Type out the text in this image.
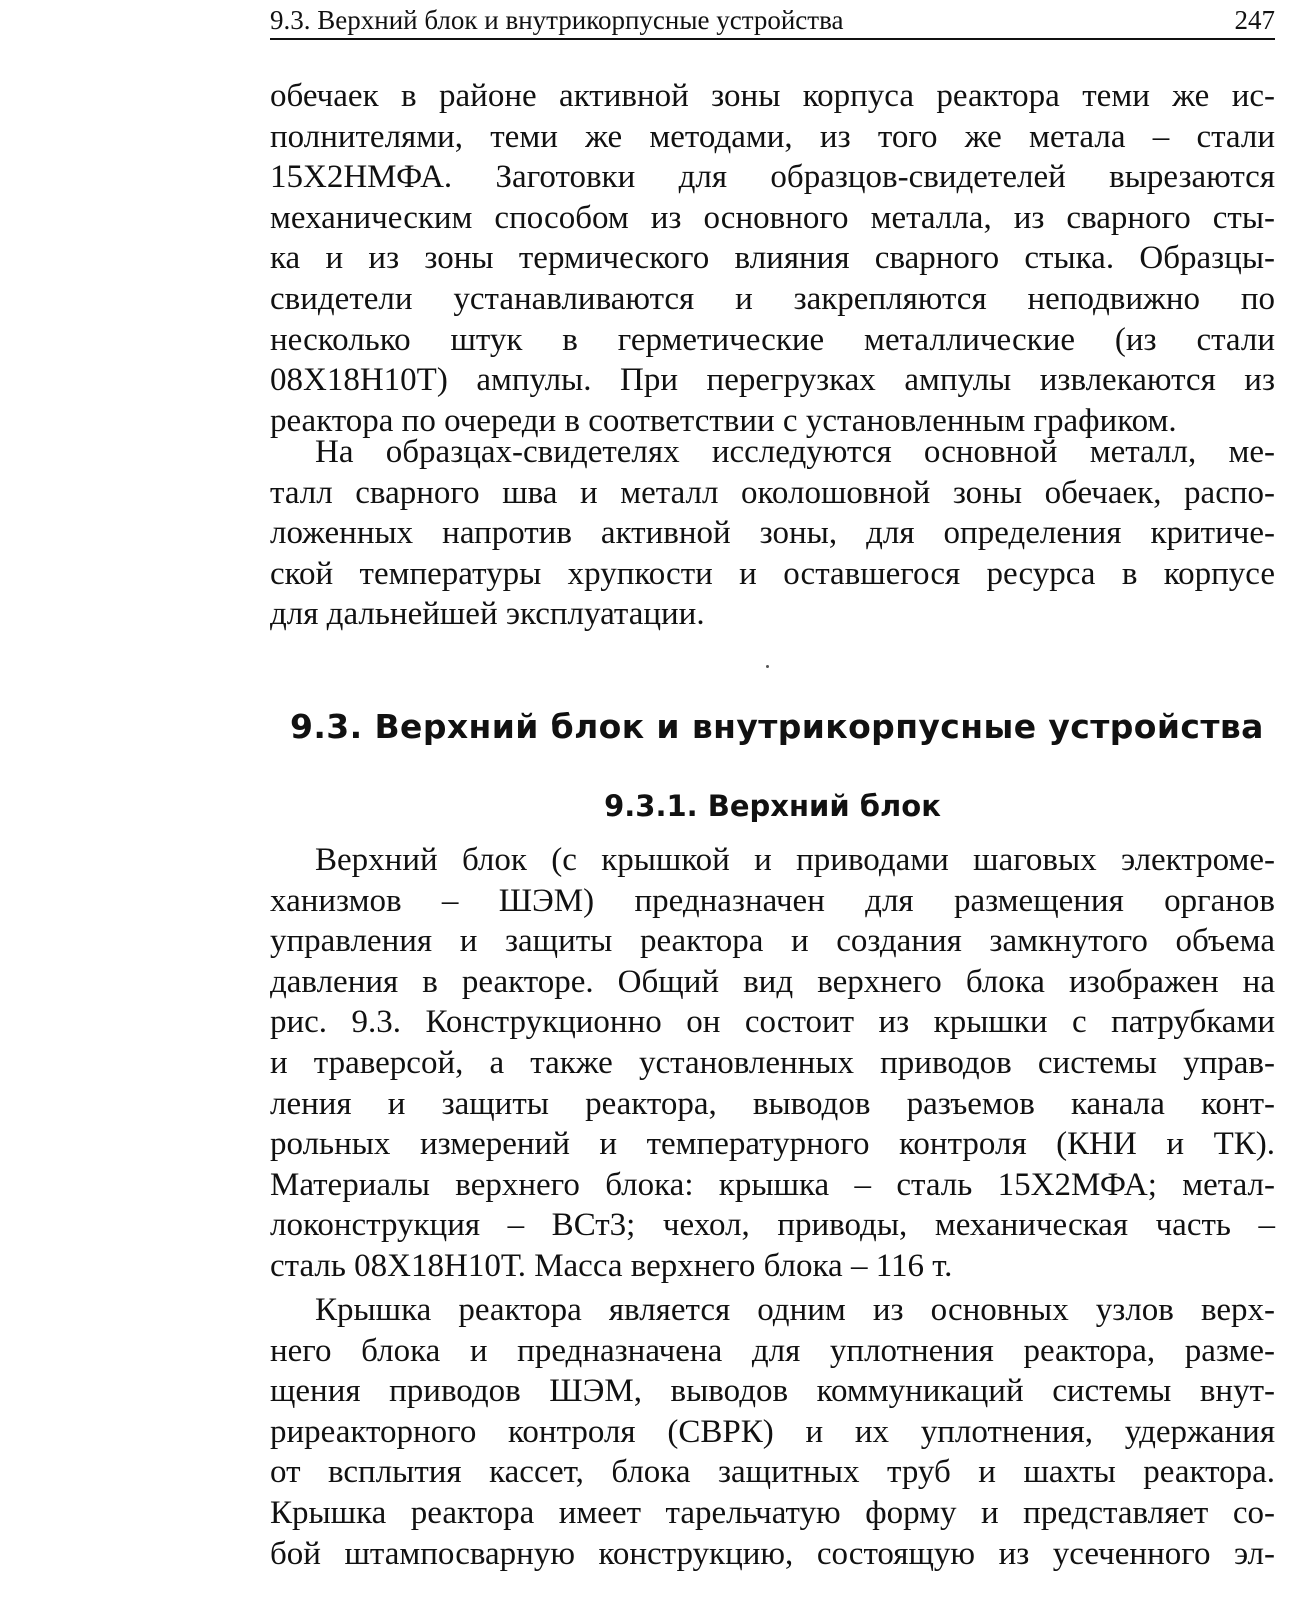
9.3. Верхний блок и внутрикорпусные устройства	247
обечаек в районе активной зоны корпуса реактора теми же ис-
полнителями, теми же методами, из того же метала – стали
15Х2НМФА. Заготовки для образцов-свидетелей вырезаются
механическим способом из основного металла, из сварного сты-
ка и из зоны термического влияния сварного стыка. Образцы-
свидетели устанавливаются и закрепляются неподвижно по
несколько штук в герметические металлические (из стали
08Х18Н10Т) ампулы. При перегрузках ампулы извлекаются из
реактора по очереди в соответствии с установленным графиком.
На образцах-свидетелях исследуются основной металл, ме-
талл сварного шва и металл околошовной зоны обечаек, распо-
ложенных напротив активной зоны, для определения критиче-
ской температуры хрупкости и оставшегося ресурса в корпусе
для дальнейшей эксплуатации.
9.3. Верхний блок и внутрикорпусные устройства
9.3.1. Верхний блок
Верхний блок (с крышкой и приводами шаговых электроме-
ханизмов – ШЭМ) предназначен для размещения органов
управления и защиты реактора и создания замкнутого объема
давления в реакторе. Общий вид верхнего блока изображен на
рис. 9.3. Конструкционно он состоит из крышки с патрубками
и траверсой, а также установленных приводов системы управ-
ления и защиты реактора, выводов разъемов канала конт-
рольных измерений и температурного контроля (КНИ и ТК).
Материалы верхнего блока: крышка – сталь 15Х2МФА; метал-
локонструкция – ВСт3; чехол, приводы, механическая часть –
сталь 08Х18Н10Т. Масса верхнего блока – 116 т.
Крышка реактора является одним из основных узлов верх-
него блока и предназначена для уплотнения реактора, разме-
щения приводов ШЭМ, выводов коммуникаций системы внут-
риреакторного контроля (СВРК) и их уплотнения, удержания
от всплытия кассет, блока защитных труб и шахты реактора.
Крышка реактора имеет тарельчатую форму и представляет со-
бой штампосварную конструкцию, состоящую из усеченного эл-
